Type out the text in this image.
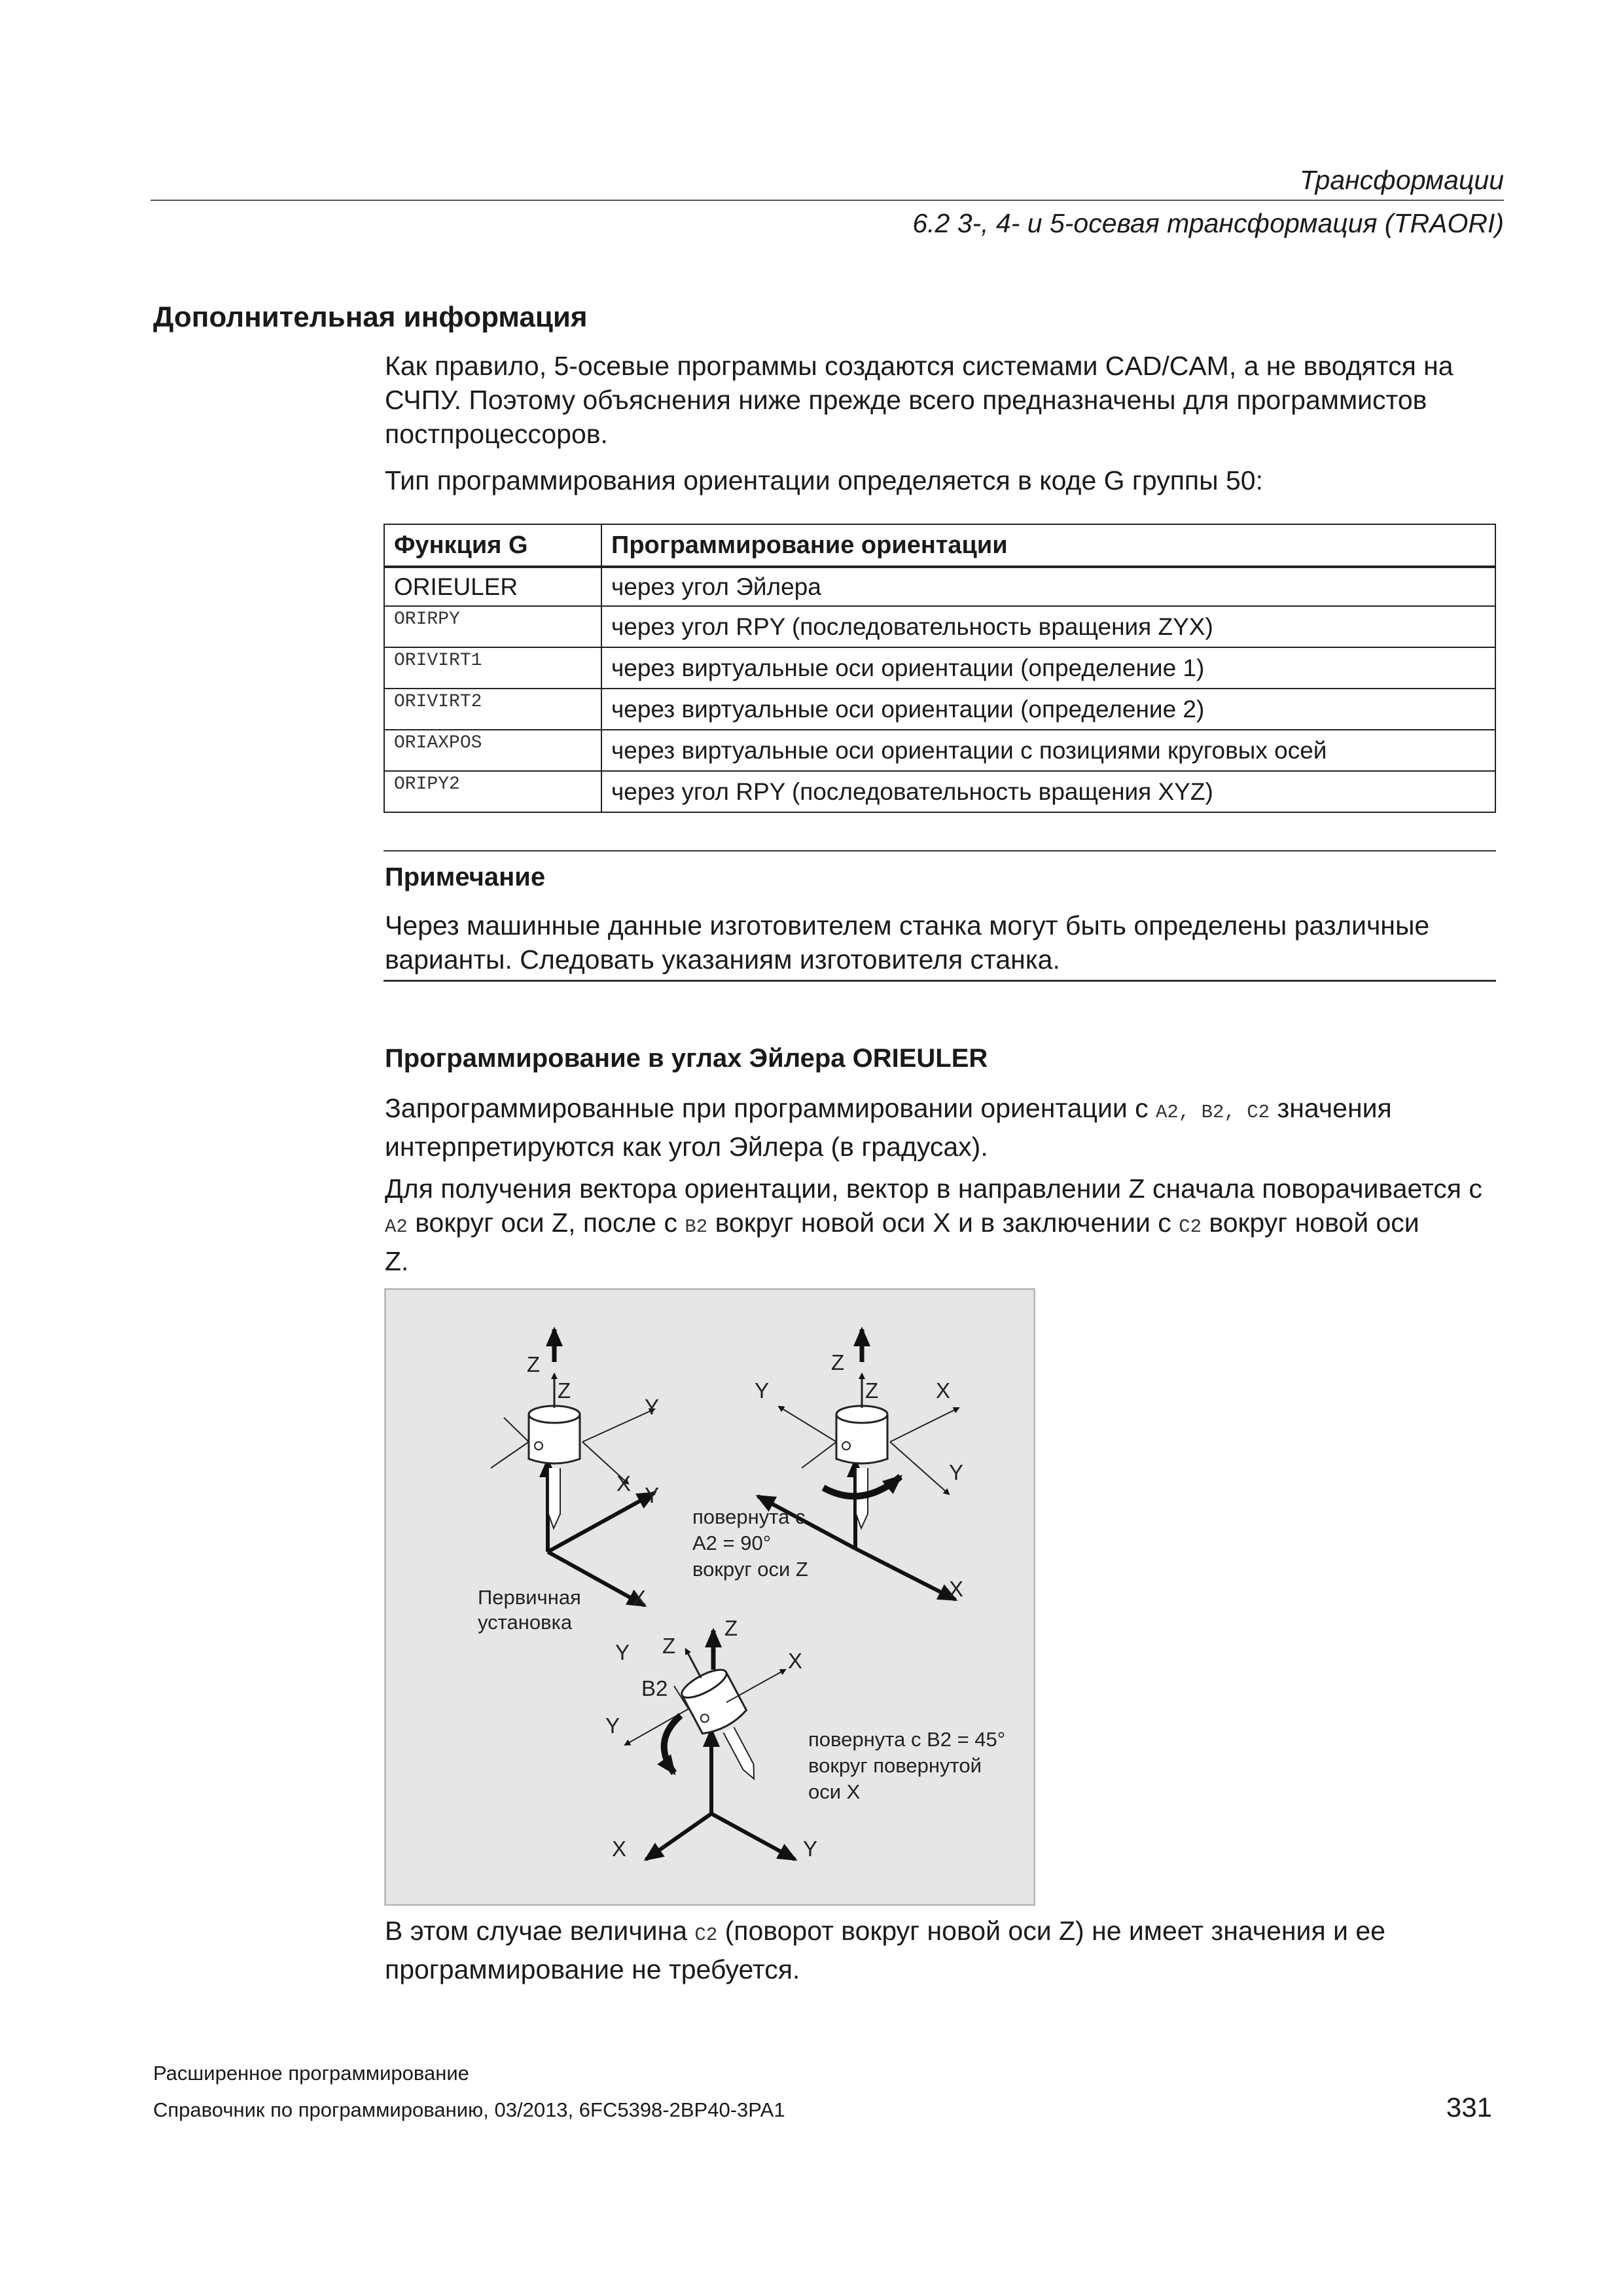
Трансформации
6.2 3-, 4- и 5-осевая трансформация (TRAORI)
Дополнительная информация
Как правило, 5-осевые программы создаются системами CAD/CAM, а не вводятся на
СЧПУ. Поэтому объяснения ниже прежде всего предназначены для программистов
постпроцессоров.
Тип программирования ориентации определяется в коде G группы 50:
Функция G	Программирование ориентации
ORIEULER	через угол Эйлера
ORIRPY	через угол RPY (последовательность вращения ZYX)
ORIVIRT1	через виртуальные оси ориентации (определение 1)
ORIVIRT2	через виртуальные оси ориентации (определение 2)
ORIAXPOS	через виртуальные оси ориентации с позициями круговых осей
ORIPY2	через угол RPY (последовательность вращения XYZ)
Примечание
Через машинные данные изготовителем станка могут быть определены различные
варианты. Следовать указаниям изготовителя станка.
Программирование в углах Эйлера ORIEULER
Запрограммированные при программировании ориентации с A2, B2, C2 значения
интерпретируются как угол Эйлера (в градусах).
Для получения вектора ориентации, вектор в направлении Z сначала поворачивается с
A2 вокруг оси Z, после с B2 вокруг новой оси X и в заключении с C2 вокруг новой оси
Z.
Z
Z
Y
X Y
X
Z
Z
Y	X
Y
X
Y Z
Z
X
B2
Y
X	Y
Первичная
установка
повернута с
A2 = 90°
вокруг оси Z
повернута с B2 = 45°
вокруг повернутой
оси X
В этом случае величина C2 (поворот вокруг новой оси Z) не имеет значения и ее
программирование не требуется.
Расширенное программирование
Справочник по программированию, 03/2013, 6FC5398-2BP40-3PA1	331
